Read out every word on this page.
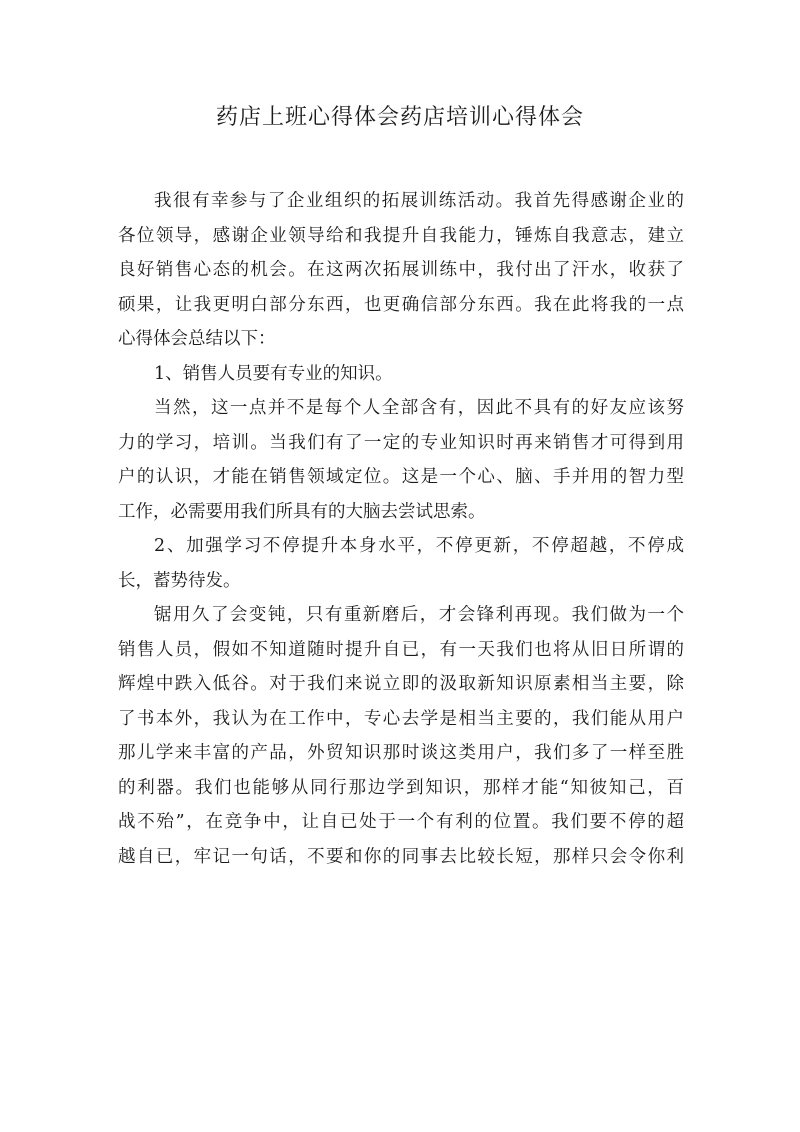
药店上班心得体会药店培训心得体会
我很有幸参与了企业组织的拓展训练活动。我首先得感谢企业的
各位领导，感谢企业领导给和我提升自我能力，锤炼自我意志，建立
良好销售心态的机会。在这两次拓展训练中，我付出了汗水，收获了
硕果，让我更明白部分东西，也更确信部分东西。我在此将我的一点
心得体会总结以下：
1、销售人员要有专业的知识。
当然，这一点并不是每个人全部含有，因此不具有的好友应该努
力的学习，培训。当我们有了一定的专业知识时再来销售才可得到用
户的认识，才能在销售领域定位。这是一个心、脑、手并用的智力型
工作，必需要用我们所具有的大脑去尝试思索。
2、加强学习不停提升本身水平，不停更新，不停超越，不停成
长，蓄势待发。
锯用久了会变钝，只有重新磨后，才会锋利再现。我们做为一个
销售人员，假如不知道随时提升自已，有一天我们也将从旧日所谓的
辉煌中跌入低谷。对于我们来说立即的汲取新知识原素相当主要，除
了书本外，我认为在工作中，专心去学是相当主要的，我们能从用户
那儿学来丰富的产品，外贸知识那时谈这类用户，我们多了一样至胜
的利器。我们也能够从同行那边学到知识，那样才能“知彼知己，百
战不殆”，在竞争中，让自已处于一个有利的位置。我们要不停的超
越自已，牢记一句话，不要和你的同事去比较长短，那样只会令你利
